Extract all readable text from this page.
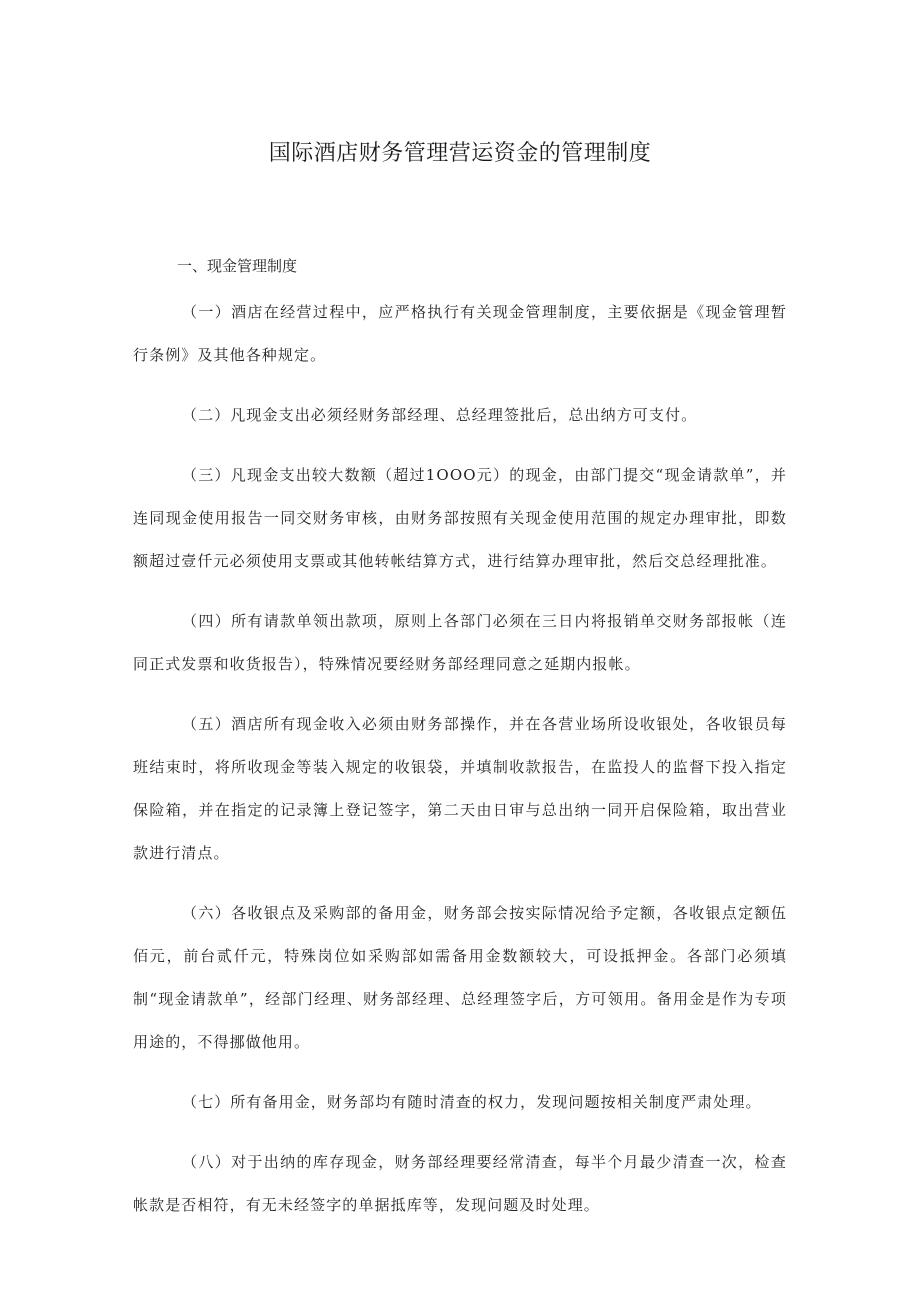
国际酒店财务管理营运资金的管理制度
一、现金管理制度

（一）酒店在经营过程中，应严格执行有关现金管理制度，主要依据是《现金管理暂行条例》及其他各种规定。

（二）凡现金支出必须经财务部经理、总经理签批后，总出纳方可支付。

（三）凡现金支出较大数额（超过1OOO元）的现金，由部门提交“现金请款单”，并连同现金使用报告一同交财务审核，由财务部按照有关现金使用范围的规定办理审批，即数额超过壹仟元必须使用支票或其他转帐结算方式，进行结算办理审批，然后交总经理批准。

（四）所有请款单领出款项，原则上各部门必须在三日内将报销单交财务部报帐（连同正式发票和收货报告），特殊情况要经财务部经理同意之延期内报帐。

（五）酒店所有现金收入必须由财务部操作，并在各营业场所设收银处，各收银员每班结束时，将所收现金等装入规定的收银袋，并填制收款报告，在监投人的监督下投入指定保险箱，并在指定的记录簿上登记签字，第二天由日审与总出纳一同开启保险箱，取出营业款进行清点。

（六）各收银点及采购部的备用金，财务部会按实际情况给予定额，各收银点定额伍佰元，前台贰仟元，特殊岗位如采购部如需备用金数额较大，可设抵押金。各部门必须填制“现金请款单”，经部门经理、财务部经理、总经理签字后，方可领用。备用金是作为专项用途的，不得挪做他用。

（七）所有备用金，财务部均有随时清查的权力，发现问题按相关制度严肃处理。

（八）对于出纳的库存现金，财务部经理要经常清查，每半个月最少清查一次，检查帐款是否相符，有无未经签字的单据抵库等，发现问题及时处理。
